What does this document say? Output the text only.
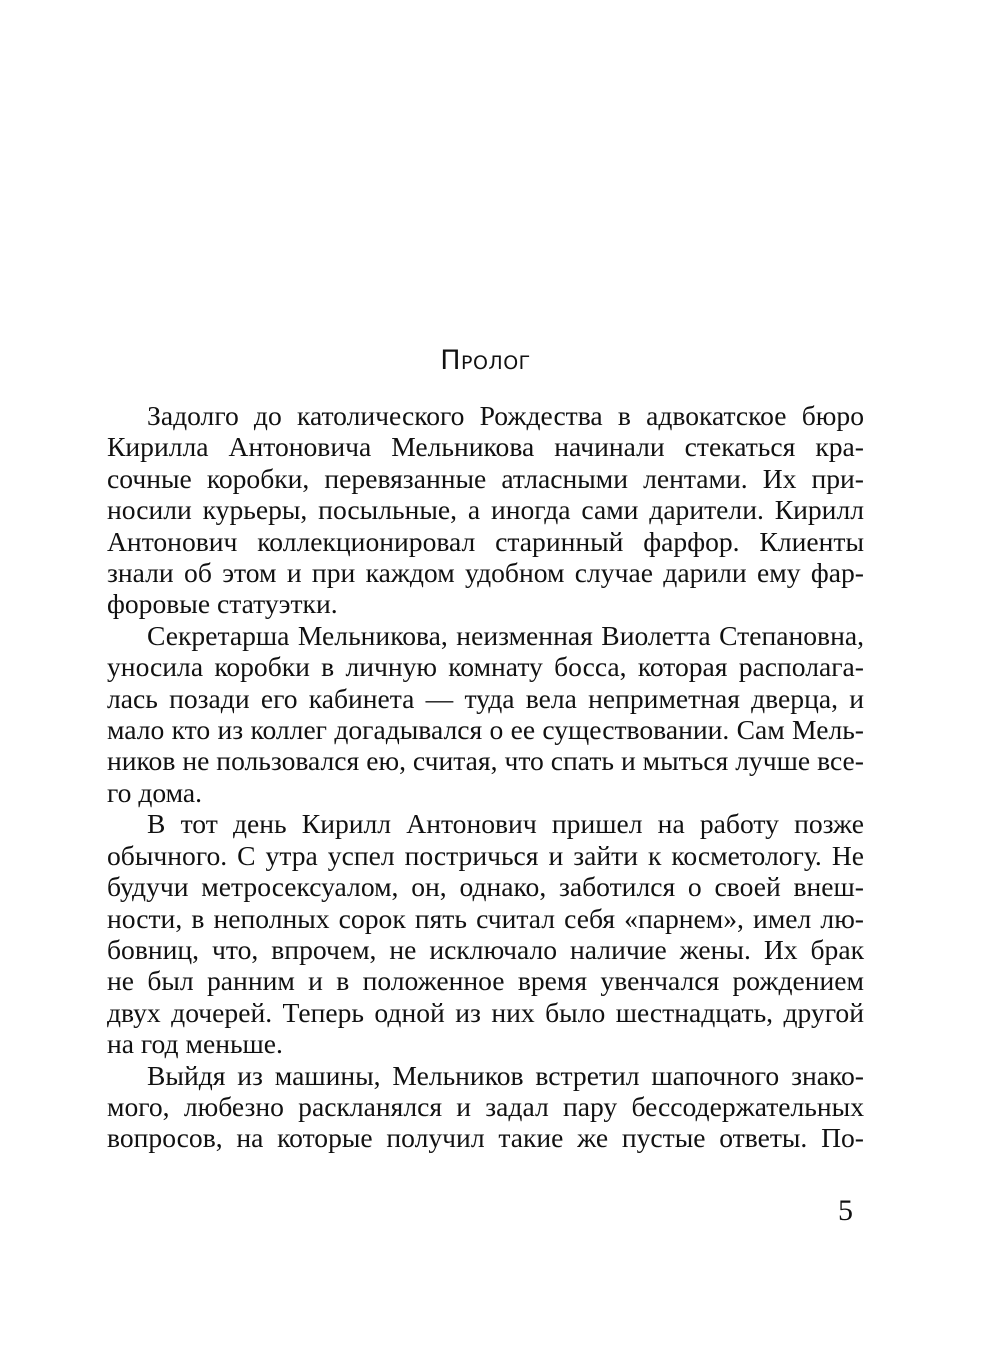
Пролог

Задолго до католического Рождества в адвокатское бюро
Кирилла Антоновича Мельникова начинали стекаться кра-
сочные коробки, перевязанные атласными лентами. Их при-
носили курьеры, посыльные, а иногда сами дарители. Кирилл
Антонович коллекционировал старинный фарфор. Клиенты
знали об этом и при каждом удобном случае дарили ему фар-
форовые статуэтки.

Секретарша Мельникова, неизменная Виолетта Степановна,
уносила коробки в личную комнату босса, которая располага-
лась позади его кабинета — туда вела неприметная дверца, и
мало кто из коллег догадывался о ее существовании. Сам Мель-
ников не пользовался ею, считая, что спать и мыться лучше все-
го дома.

В тот день Кирилл Антонович пришел на работу позже
обычного. С утра успел постричься и зайти к косметологу. Не
будучи метросексуалом, он, однако, заботился о своей внеш-
ности, в неполных сорок пять считал себя «парнем», имел лю-
бовниц, что, впрочем, не исключало наличие жены. Их брак
не был ранним и в положенное время увенчался рождением
двух дочерей. Теперь одной из них было шестнадцать, другой
на год меньше.

Выйдя из машины, Мельников встретил шапочного знако-
мого, любезно раскланялся и задал пару бессодержательных
вопросов, на которые получил такие же пустые ответы. По-

5
